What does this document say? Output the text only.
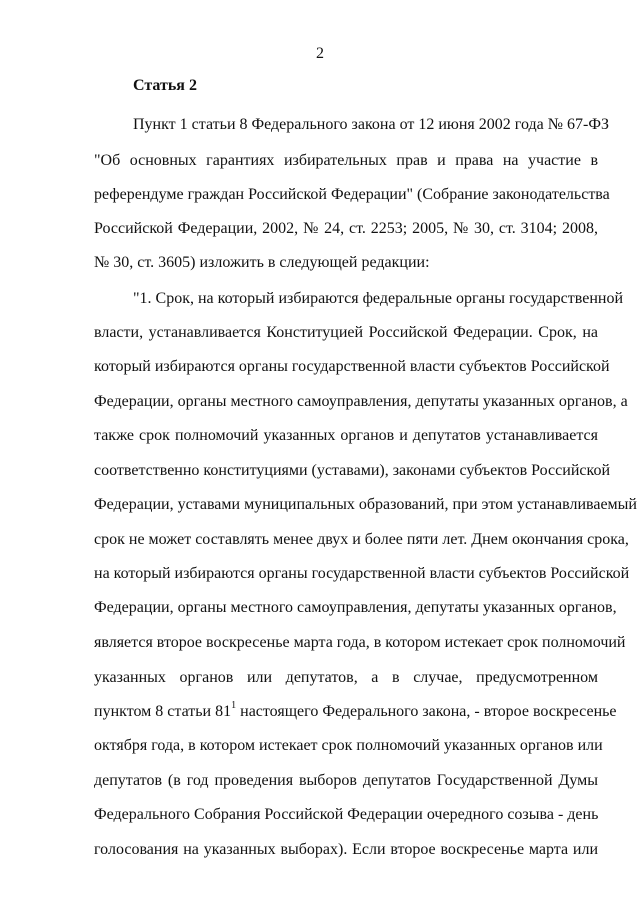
2
Статья 2
Пункт 1 статьи 8 Федерального закона от 12 июня 2002 года № 67-ФЗ
"Об основных гарантиях избирательных прав и права на участие в
референдуме граждан Российской Федерации" (Собрание законодательства
Российской Федерации, 2002, № 24, ст. 2253; 2005, № 30, ст. 3104; 2008,
№ 30, ст. 3605) изложить в следующей редакции:
"1. Срок, на который избираются федеральные органы государственной
власти, устанавливается Конституцией Российской Федерации. Срок, на
который избираются органы государственной власти субъектов Российской
Федерации, органы местного самоуправления, депутаты указанных органов, а
также срок полномочий указанных органов и депутатов устанавливается
соответственно конституциями (уставами), законами субъектов Российской
Федерации, уставами муниципальных образований, при этом устанавливаемый
срок не может составлять менее двух и более пяти лет. Днем окончания срока,
на который избираются органы государственной власти субъектов Российской
Федерации, органы местного самоуправления, депутаты указанных органов,
является второе воскресенье марта года, в котором истекает срок полномочий
указанных органов или депутатов, а в случае, предусмотренном
пунктом 8 статьи $81^1$ настоящего Федерального закона, - второе воскресенье
октября года, в котором истекает срок полномочий указанных органов или
депутатов (в год проведения выборов депутатов Государственной Думы
Федерального Собрания Российской Федерации очередного созыва - день
голосования на указанных выборах). Если второе воскресенье марта или
